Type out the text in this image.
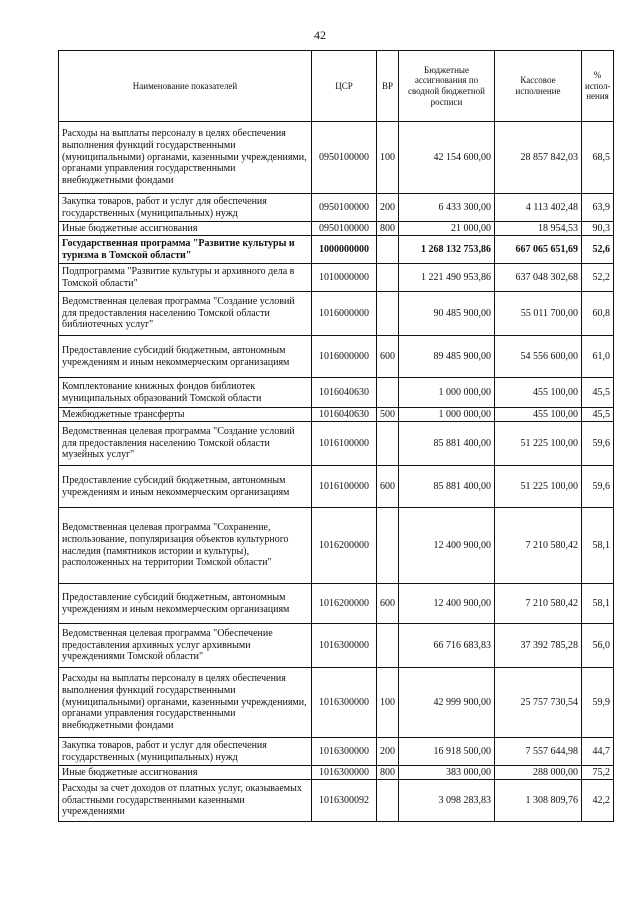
42
Наименование показателей	ЦСР	ВР	Бюджетные ассигнования по сводной бюджетной росписи	Кассовое исполнение	% испол-нения
Расходы на выплаты персоналу в целях обеспечения выполнения функций государственными (муниципальными) органами, казенными учреждениями, органами управления государственными внебюджетными фондами	0950100000	100	42 154 600,00	28 857 842,03	68,5
Закупка товаров, работ и услуг для обеспечения государственных (муниципальных) нужд	0950100000	200	6 433 300,00	4 113 402,48	63,9
Иные бюджетные ассигнования	0950100000	800	21 000,00	18 954,53	90,3
Государственная программа "Развитие культуры и туризма в Томской области"	1000000000		1 268 132 753,86	667 065 651,69	52,6
Подпрограмма "Развитие культуры и архивного дела в Томской области"	1010000000		1 221 490 953,86	637 048 302,68	52,2
Ведомственная целевая программа "Создание условий для предоставления населению Томской области библиотечных услуг"	1016000000		90 485 900,00	55 011 700,00	60,8
Предоставление субсидий бюджетным, автономным учреждениям и иным некоммерческим организациям	1016000000	600	89 485 900,00	54 556 600,00	61,0
Комплектование книжных фондов библиотек муниципальных образований Томской области	1016040630		1 000 000,00	455 100,00	45,5
Межбюджетные трансферты	1016040630	500	1 000 000,00	455 100,00	45,5
Ведомственная целевая программа "Создание условий для предоставления населению Томской области музейных услуг"	1016100000		85 881 400,00	51 225 100,00	59,6
Предоставление субсидий бюджетным, автономным учреждениям и иным некоммерческим организациям	1016100000	600	85 881 400,00	51 225 100,00	59,6
Ведомственная целевая программа "Сохранение, использование, популяризация объектов культурного наследия (памятников истории и культуры), расположенных на территории Томской области"	1016200000		12 400 900,00	7 210 580,42	58,1
Предоставление субсидий бюджетным, автономным учреждениям и иным некоммерческим организациям	1016200000	600	12 400 900,00	7 210 580,42	58,1
Ведомственная целевая программа "Обеспечение предоставления архивных услуг архивными учреждениями Томской области"	1016300000		66 716 683,83	37 392 785,28	56,0
Расходы на выплаты персоналу в целях обеспечения выполнения функций государственными (муниципальными) органами, казенными учреждениями, органами управления государственными внебюджетными фондами	1016300000	100	42 999 900,00	25 757 730,54	59,9
Закупка товаров, работ и услуг для обеспечения государственных (муниципальных) нужд	1016300000	200	16 918 500,00	7 557 644,98	44,7
Иные бюджетные ассигнования	1016300000	800	383 000,00	288 000,00	75,2
Расходы за счет доходов от платных услуг, оказываемых областными государственными казенными учреждениями	1016300092		3 098 283,83	1 308 809,76	42,2
